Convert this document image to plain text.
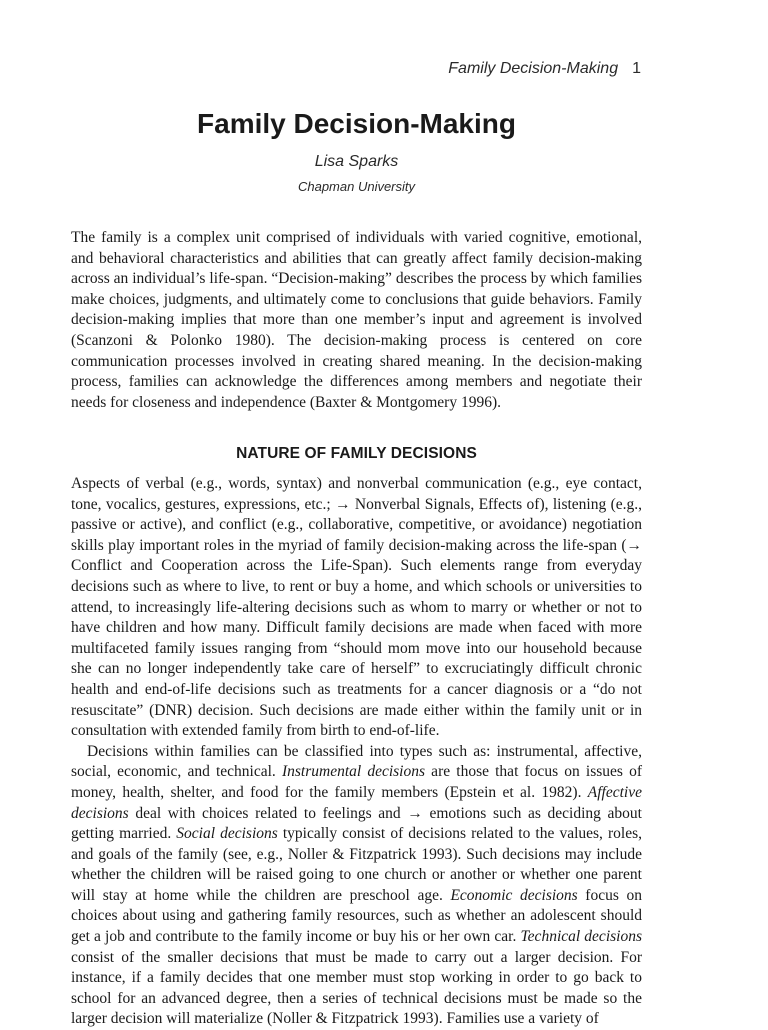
Family Decision-Making 1
Family Decision-Making
Lisa Sparks
Chapman University

The family is a complex unit comprised of individuals with varied cognitive, emotional, and behavioral characteristics and abilities that can greatly affect family decision-making across an individual’s life-span. “Decision-making” describes the process by which families make choices, judgments, and ultimately come to conclusions that guide behaviors. Family decision-making implies that more than one member’s input and agreement is involved (Scanzoni & Polonko 1980). The decision-making process is centered on core communication processes involved in creating shared meaning. In the decision-making process, families can acknowledge the differences among members and negotiate their needs for closeness and independence (Baxter & Montgomery 1996).

NATURE OF FAMILY DECISIONS

Aspects of verbal (e.g., words, syntax) and nonverbal communication (e.g., eye contact, tone, vocalics, gestures, expressions, etc.; → Nonverbal Signals, Effects of), listening (e.g., passive or active), and conflict (e.g., collaborative, competitive, or avoidance) negotiation skills play important roles in the myriad of family decision-making across the life-span (→ Conflict and Cooperation across the Life-Span). Such elements range from everyday decisions such as where to live, to rent or buy a home, and which schools or universities to attend, to increasingly life-altering decisions such as whom to marry or whether or not to have children and how many. Difficult family decisions are made when faced with more multifaceted family issues ranging from “should mom move into our household because she can no longer independently take care of herself” to excruciatingly difficult chronic health and end-of-life decisions such as treatments for a cancer diagnosis or a “do not resuscitate” (DNR) decision. Such decisions are made either within the family unit or in consultation with extended family from birth to end-of-life.

Decisions within families can be classified into types such as: instrumental, affective, social, economic, and technical. Instrumental decisions are those that focus on issues of money, health, shelter, and food for the family members (Epstein et al. 1982). Affective decisions deal with choices related to feelings and → emotions such as deciding about getting married. Social decisions typically consist of decisions related to the values, roles, and goals of the family (see, e.g., Noller & Fitzpatrick 1993). Such decisions may include whether the children will be raised going to one church or another or whether one parent will stay at home while the children are preschool age. Economic decisions focus on choices about using and gathering family resources, such as whether an adolescent should get a job and contribute to the family income or buy his or her own car. Technical decisions consist of the smaller decisions that must be made to carry out a larger decision. For instance, if a family decides that one member must stop working in order to go back to school for an advanced degree, then a series of technical decisions must be made so the larger decision will materialize (Noller & Fitzpatrick 1993). Families use a variety of
